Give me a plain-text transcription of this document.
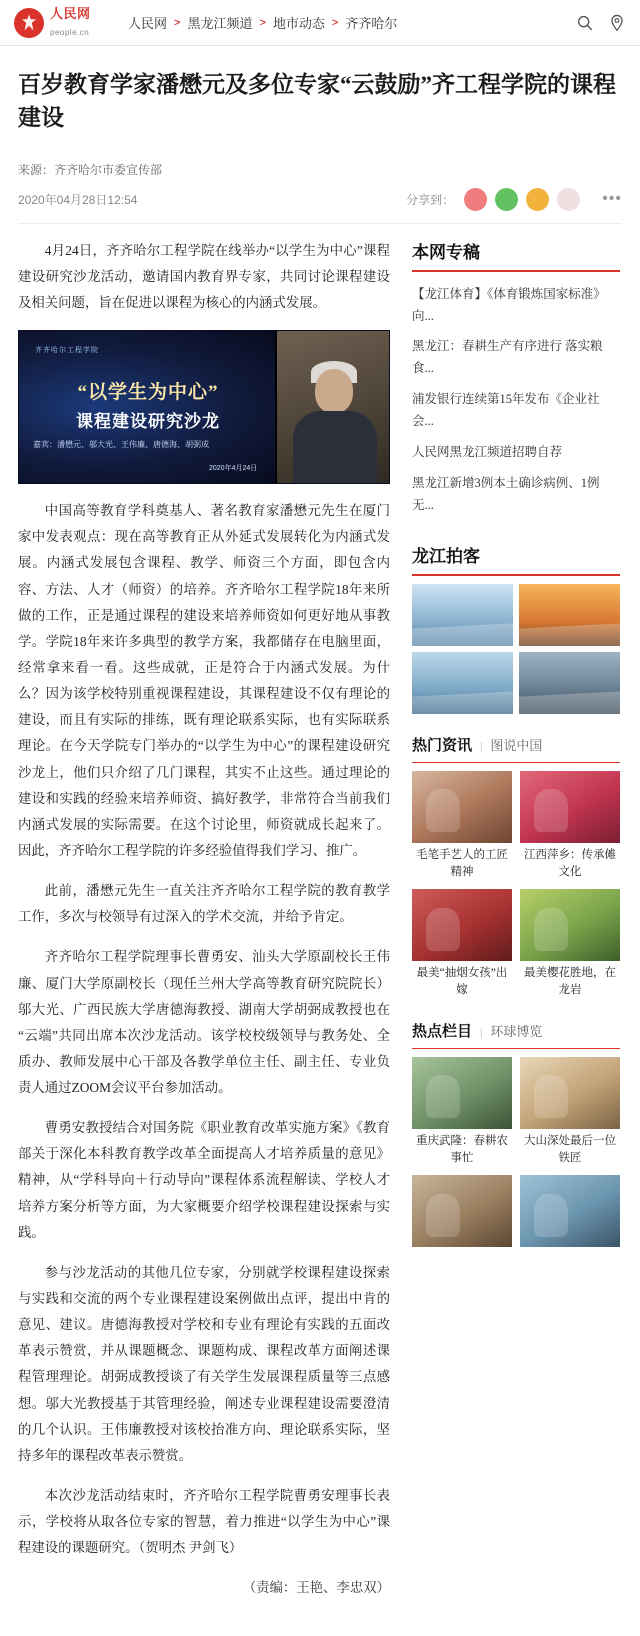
人民网
people.cn
人民网 > 黑龙江频道 > 地市动态 > 齐齐哈尔
百岁教育学家潘懋元及多位专家“云鼓励”齐工程学院的课程建设
来源：齐齐哈尔市委宣传部
2020年04月28日12:54	分享到：	•••

4月24日，齐齐哈尔工程学院在线举办“以学生为中心”课程建设研究沙龙活动，邀请国内教育界专家，共同讨论课程建设及相关问题，旨在促进以课程为核心的内涵式发展。

齐齐哈尔工程学院
“以学生为中心”
课程建设研究沙龙
嘉宾：潘懋元、邬大光、王伟廉、唐德海、胡弼成
2020年4月24日

中国高等教育学科奠基人、著名教育家潘懋元先生在厦门家中发表观点：现在高等教育正从外延式发展转化为内涵式发展。内涵式发展包含课程、教学、师资三个方面，即包含内容、方法、人才（师资）的培养。齐齐哈尔工程学院18年来所做的工作，正是通过课程的建设来培养师资如何更好地从事教学。学院18年来许多典型的教学方案，我都储存在电脑里面，经常拿来看一看。这些成就，正是符合于内涵式发展。为什么？因为该学校特别重视课程建设，其课程建设不仅有理论的建设，而且有实际的排练，既有理论联系实际，也有实际联系理论。在今天学院专门举办的“以学生为中心”的课程建设研究沙龙上，他们只介绍了几门课程，其实不止这些。通过理论的建设和实践的经验来培养师资、搞好教学，非常符合当前我们内涵式发展的实际需要。在这个讨论里，师资就成长起来了。因此，齐齐哈尔工程学院的许多经验值得我们学习、推广。

此前，潘懋元先生一直关注齐齐哈尔工程学院的教育教学工作，多次与校领导有过深入的学术交流，并给予肯定。

齐齐哈尔工程学院理事长曹勇安、汕头大学原副校长王伟廉、厦门大学原副校长（现任兰州大学高等教育研究院院长）邬大光、广西民族大学唐德海教授、湖南大学胡弼成教授也在“云端”共同出席本次沙龙活动。该学校校级领导与教务处、全质办、教师发展中心干部及各教学单位主任、副主任、专业负责人通过ZOOM会议平台参加活动。

曹勇安教授结合对国务院《职业教育改革实施方案》《教育部关于深化本科教育教学改革全面提高人才培养质量的意见》精神，从“学科导向＋行动导向”课程体系流程解读、学校人才培养方案分析等方面，为大家概要介绍学校课程建设探索与实践。

参与沙龙活动的其他几位专家，分别就学校课程建设探索与实践和交流的两个专业课程建设案例做出点评，提出中肯的意见、建议。唐德海教授对学校和专业有理论有实践的五面改革表示赞赏，并从课题概念、课题构成、课程改革方面阐述课程管理理论。胡弼成教授谈了有关学生发展课程质量等三点感想。邬大光教授基于其管理经验，阐述专业课程建设需要澄清的几个认识。王伟廉教授对该校抬准方向、理论联系实际，坚持多年的课程改革表示赞赏。

本次沙龙活动结束时，齐齐哈尔工程学院曹勇安理事长表示，学校将从取各位专家的智慧，着力推进“以学生为中心”课程建设的课题研究。（贺明杰 尹剑飞）

（责编：王艳、李忠双）

本网专稿
【龙江体育】《体育锻炼国家标准》向...
黑龙江：春耕生产有序进行 落实粮食...
浦发银行连续第15年发布《企业社会...
人民网黑龙江频道招聘自荐
黑龙江新增3例本土确诊病例、1例无...
龙江拍客
热门资讯 | 图说中国
毛笔手艺人的工匠精神
江西萍乡：传承傩文化
最美“抽烟女孩”出嫁
最美樱花胜地，在龙岩
热点栏目 | 环球博览
重庆武隆：春耕农事忙
大山深处最后一位铁匠
